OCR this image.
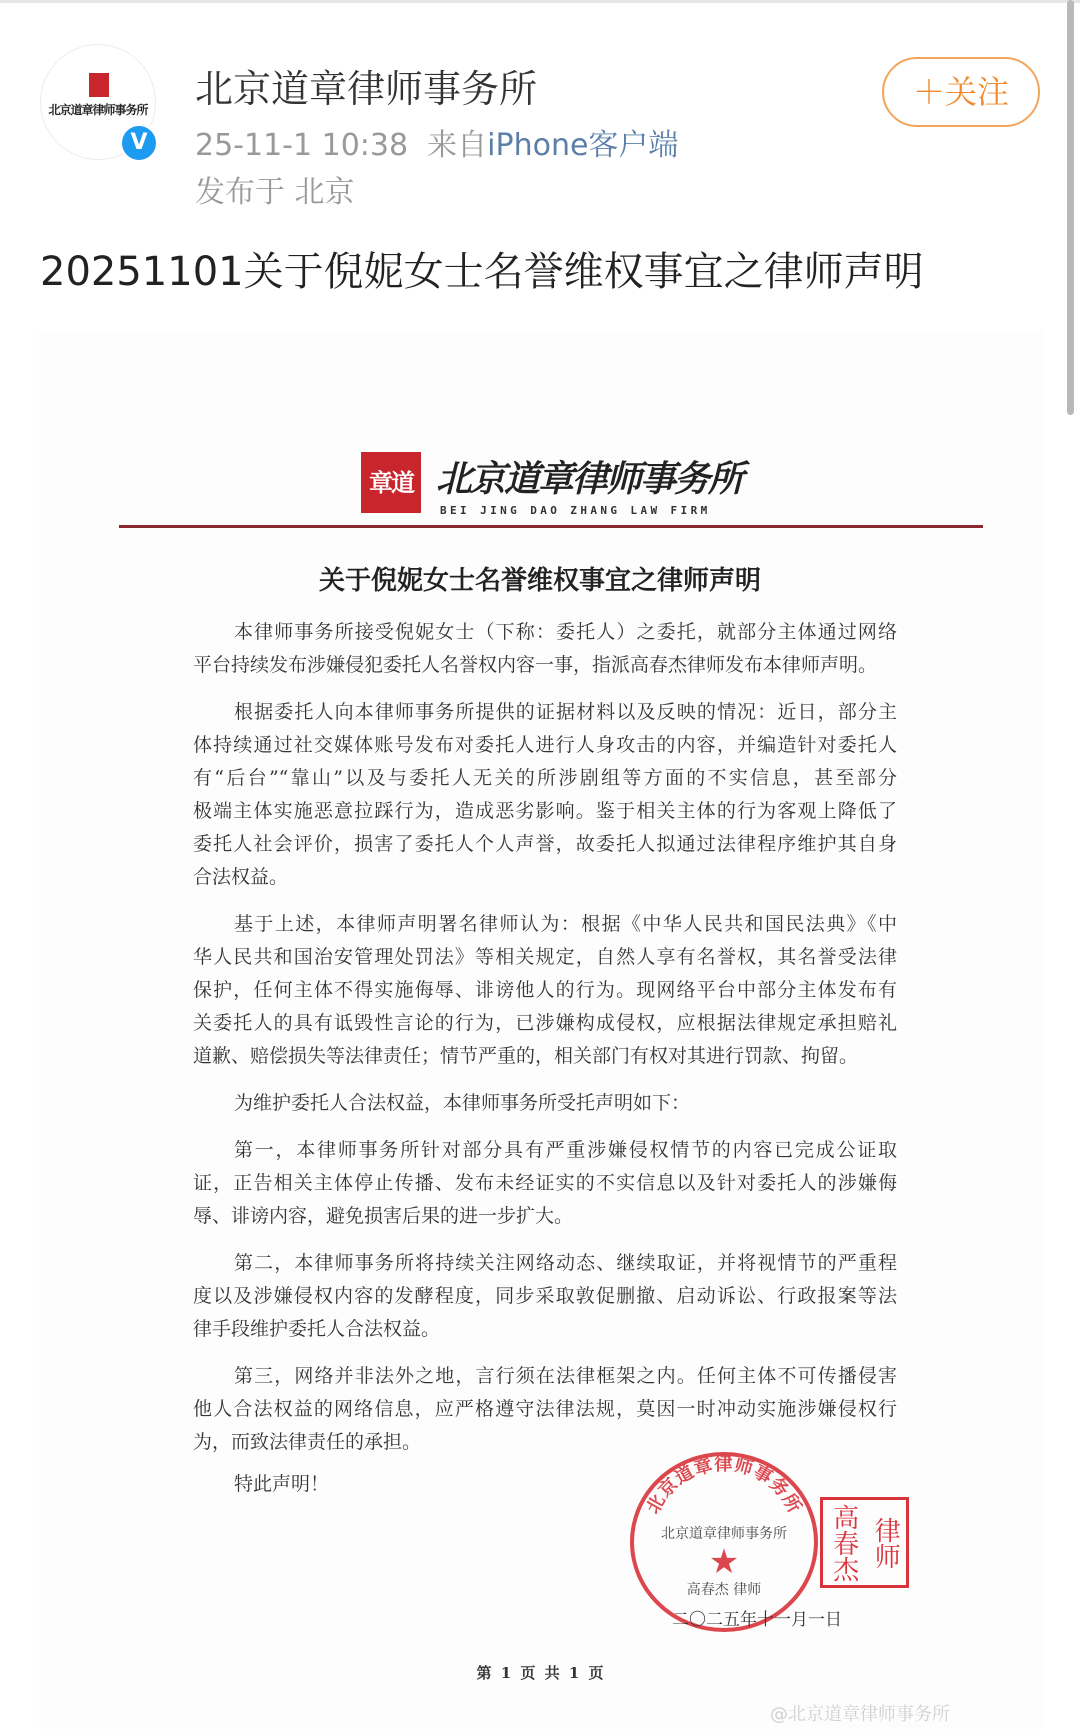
北京道章律师事务所
V
北京道章律师事务所
25-11-1 10:38 来自iPhone客户端
发布于 北京
＋关注
20251101关于倪妮女士名誉维权事宜之律师声明
章道 北京道章律师事务所
BEI JING DAO ZHANG LAW FIRM
关于倪妮女士名誉维权事宜之律师声明
本律师事务所接受倪妮女士（下称：委托人）之委托，就部分主体通过网络
平台持续发布涉嫌侵犯委托人名誉权内容一事，指派高春杰律师发布本律师声明。
根据委托人向本律师事务所提供的证据材料以及反映的情况：近日，部分主
体持续通过社交媒体账号发布对委托人进行人身攻击的内容，并编造针对委托人
有“后台”“靠山”以及与委托人无关的所涉剧组等方面的不实信息，甚至部分
极端主体实施恶意拉踩行为，造成恶劣影响。鉴于相关主体的行为客观上降低了
委托人社会评价，损害了委托人个人声誉，故委托人拟通过法律程序维护其自身
合法权益。
基于上述，本律师声明署名律师认为：根据《中华人民共和国民法典》《中
华人民共和国治安管理处罚法》等相关规定，自然人享有名誉权，其名誉受法律
保护，任何主体不得实施侮辱、诽谤他人的行为。现网络平台中部分主体发布有
关委托人的具有诋毁性言论的行为，已涉嫌构成侵权，应根据法律规定承担赔礼
道歉、赔偿损失等法律责任；情节严重的，相关部门有权对其进行罚款、拘留。
为维护委托人合法权益，本律师事务所受托声明如下：
第一，本律师事务所针对部分具有严重涉嫌侵权情节的内容已完成公证取
证，正告相关主体停止传播、发布未经证实的不实信息以及针对委托人的涉嫌侮
辱、诽谤内容，避免损害后果的进一步扩大。
第二，本律师事务所将持续关注网络动态、继续取证，并将视情节的严重程
度以及涉嫌侵权内容的发酵程度，同步采取敦促删撤、启动诉讼、行政报案等法
律手段维护委托人合法权益。
第三，网络并非法外之地，言行须在法律框架之内。任何主体不可传播侵害
他人合法权益的网络信息，应严格遵守法律法规，莫因一时冲动实施涉嫌侵权行
为，而致法律责任的承担。
特此声明！
北京道章律师事务所
北京道章律师事务所
★
高春杰 律师
律
师
高
春杰
二〇二五年十一月一日
第 1 页 共 1 页
@北京道章律师事务所
